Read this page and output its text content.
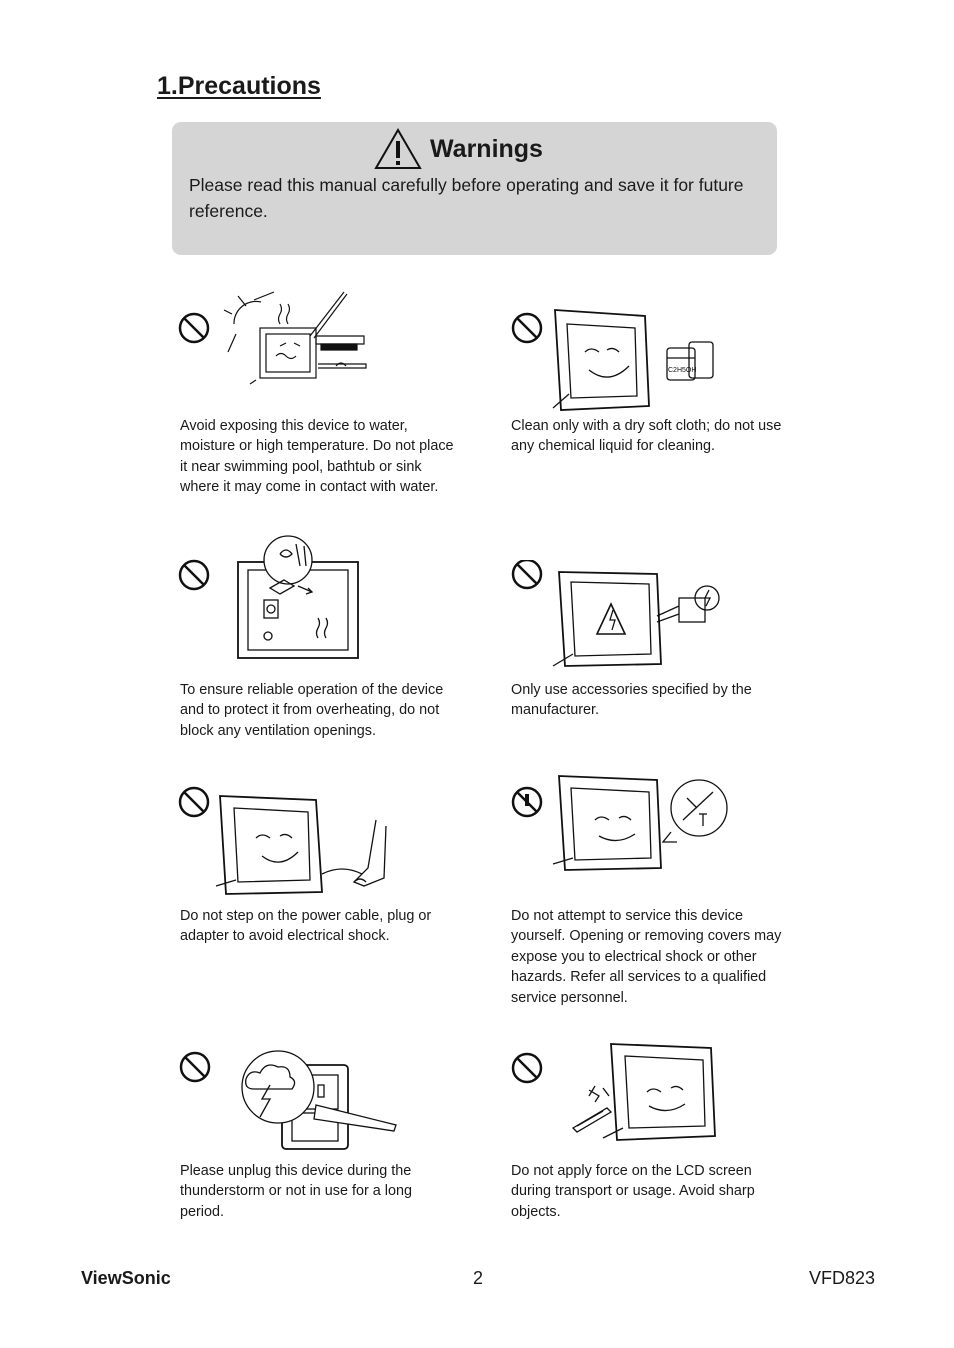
1.Precautions
Warnings

Please read this manual carefully before operating and save it for future reference.

Avoid exposing this device to water, moisture or high temperature. Do not place it near swimming pool, bathtub or sink where it may come in contact with water.

C2H5OH

Clean only with a dry soft cloth; do not use any chemical liquid for cleaning.

To ensure reliable operation of the device and to protect it from overheating, do not block any ventilation openings.

Only use accessories specified by the manufacturer.

Do not step on the power cable, plug or adapter to avoid electrical shock.

Do not attempt to service this device yourself. Opening or removing covers may expose you to electrical shock or other hazards. Refer all services to a qualified service personnel.

Please unplug this device during the thunderstorm or not in use for a long period.

Do not apply force on the LCD screen during transport or usage. Avoid sharp objects.

ViewSonic	2	VFD823
